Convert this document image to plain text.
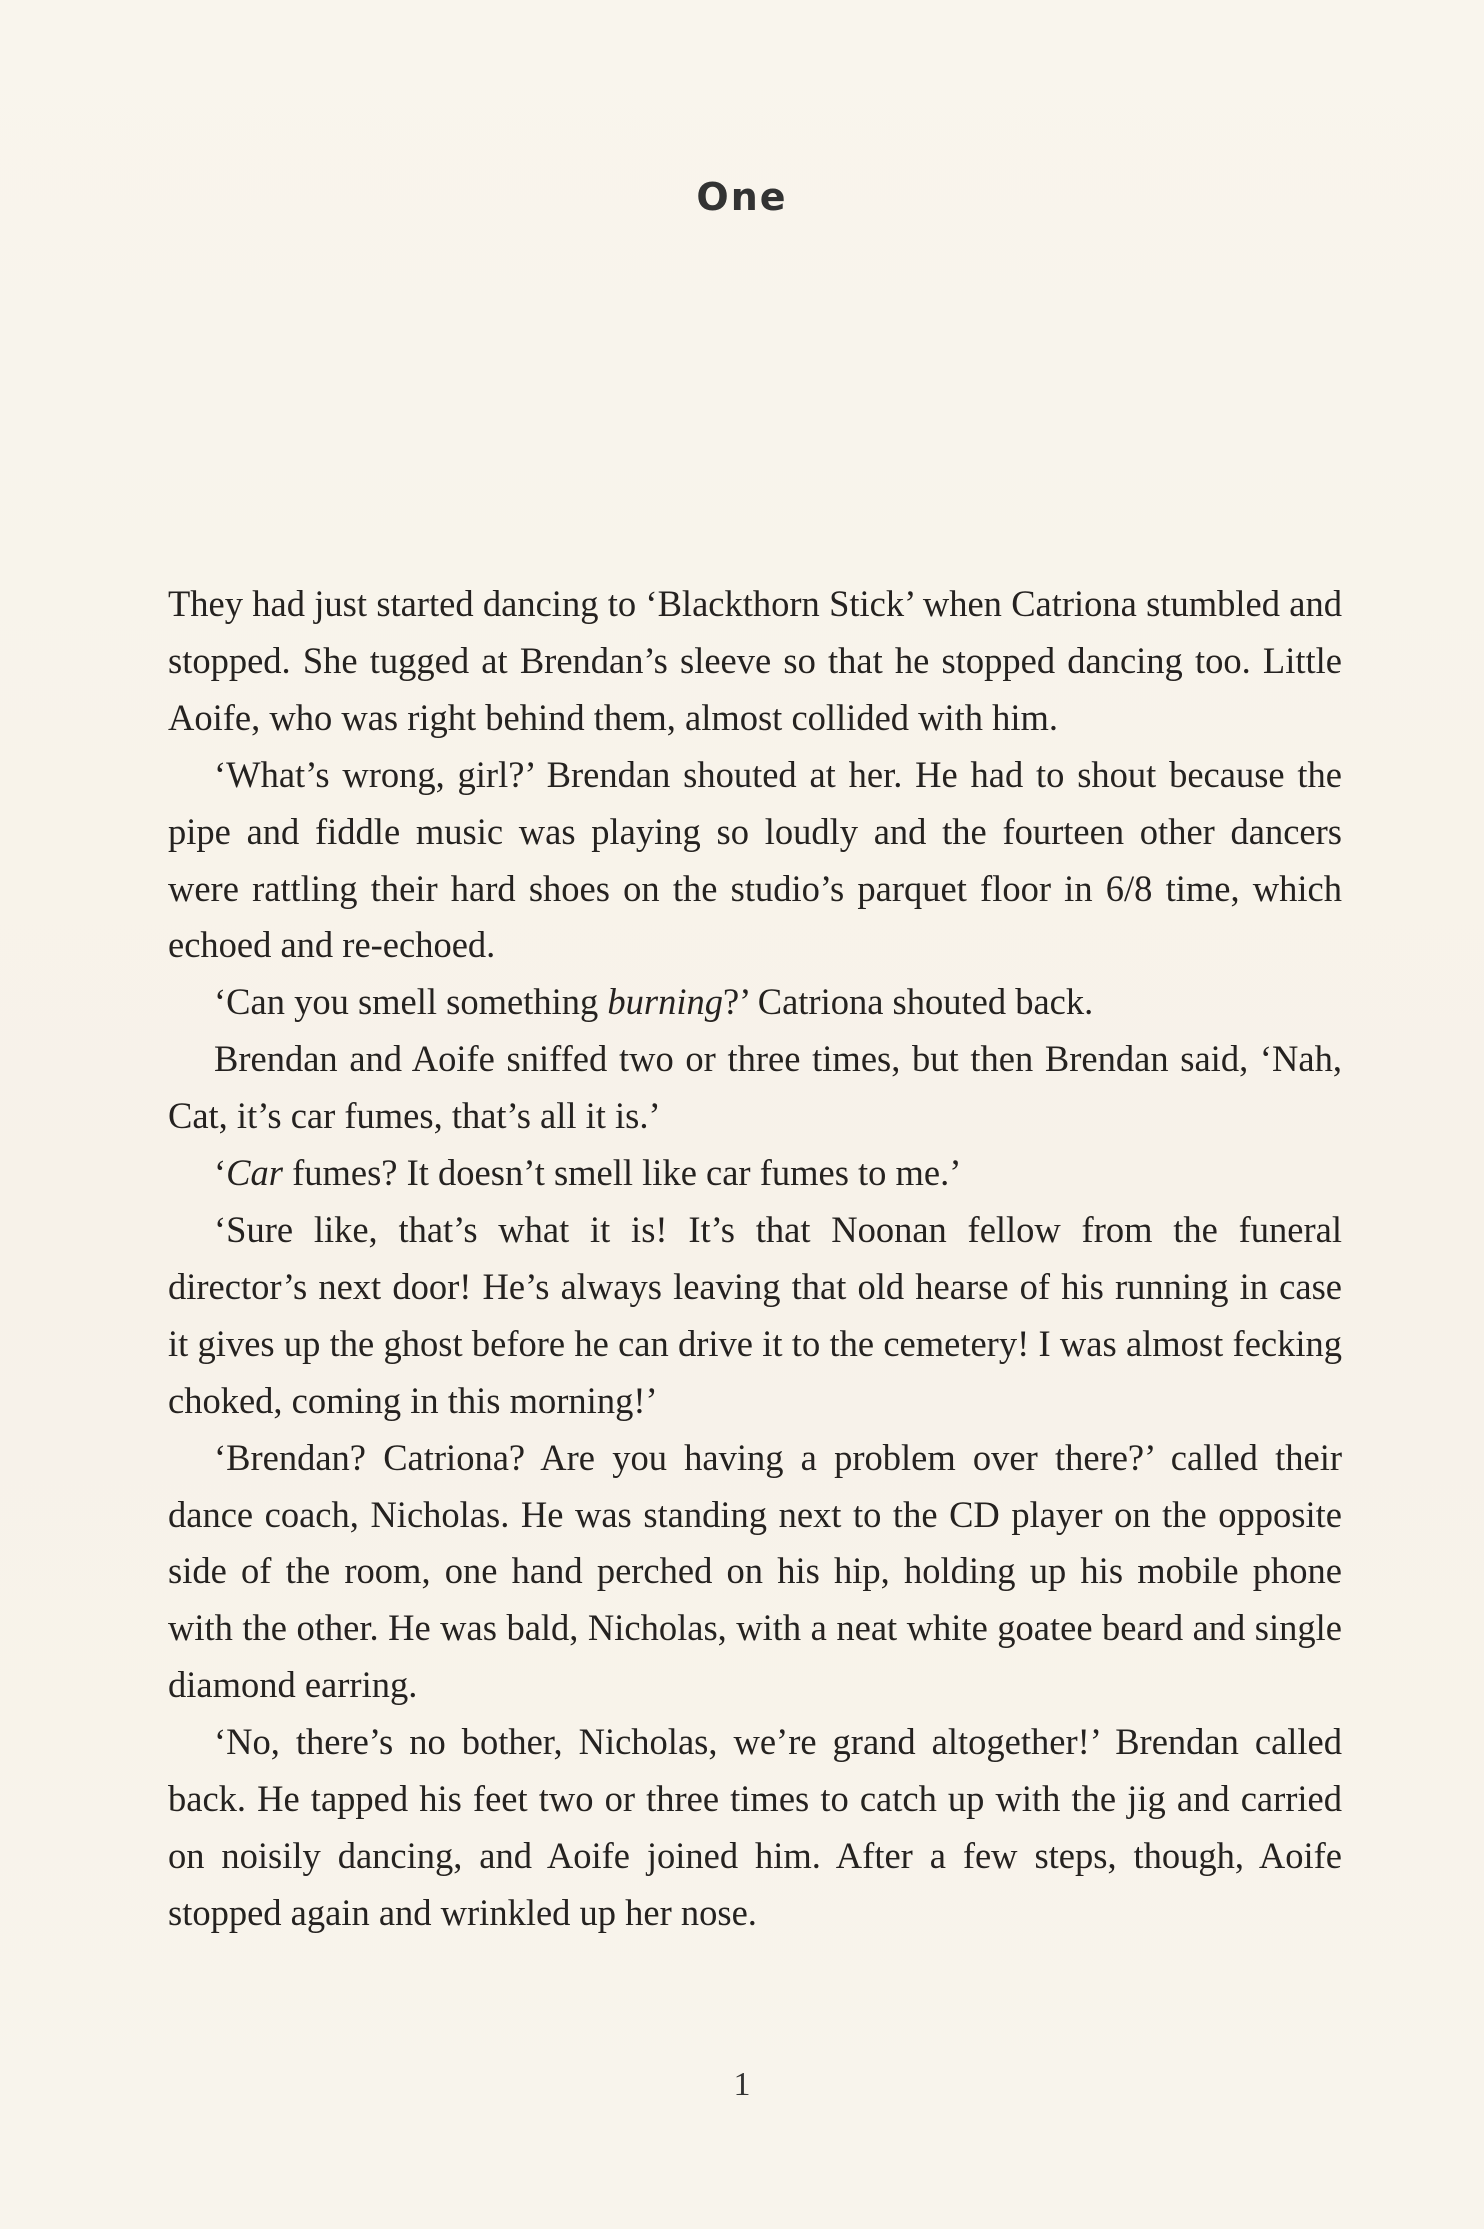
One

They had just started dancing to ‘Blackthorn Stick’ when Catriona stumbled and stopped. She tugged at Brendan’s sleeve so that he stopped dancing too. Little Aoife, who was right behind them, almost collided with him.

‘What’s wrong, girl?’ Brendan shouted at her. He had to shout because the pipe and fiddle music was playing so loudly and the fourteen other dancers were rattling their hard shoes on the studio’s parquet floor in 6/8 time, which echoed and re-echoed.

‘Can you smell something burning?’ Catriona shouted back.

Brendan and Aoife sniffed two or three times, but then Brendan said, ‘Nah, Cat, it’s car fumes, that’s all it is.’

‘Car fumes? It doesn’t smell like car fumes to me.’

‘Sure like, that’s what it is! It’s that Noonan fellow from the funeral director’s next door! He’s always leaving that old hearse of his running in case it gives up the ghost before he can drive it to the cemetery! I was almost fecking choked, coming in this morning!’

‘Brendan? Catriona? Are you having a problem over there?’ called their dance coach, Nicholas. He was standing next to the CD player on the opposite side of the room, one hand perched on his hip, holding up his mobile phone with the other. He was bald, Nicholas, with a neat white goatee beard and single diamond earring.

‘No, there’s no bother, Nicholas, we’re grand altogether!’ Brendan called back. He tapped his feet two or three times to catch up with the jig and carried on noisily dancing, and Aoife joined him. After a few steps, though, Aoife stopped again and wrinkled up her nose.

1
